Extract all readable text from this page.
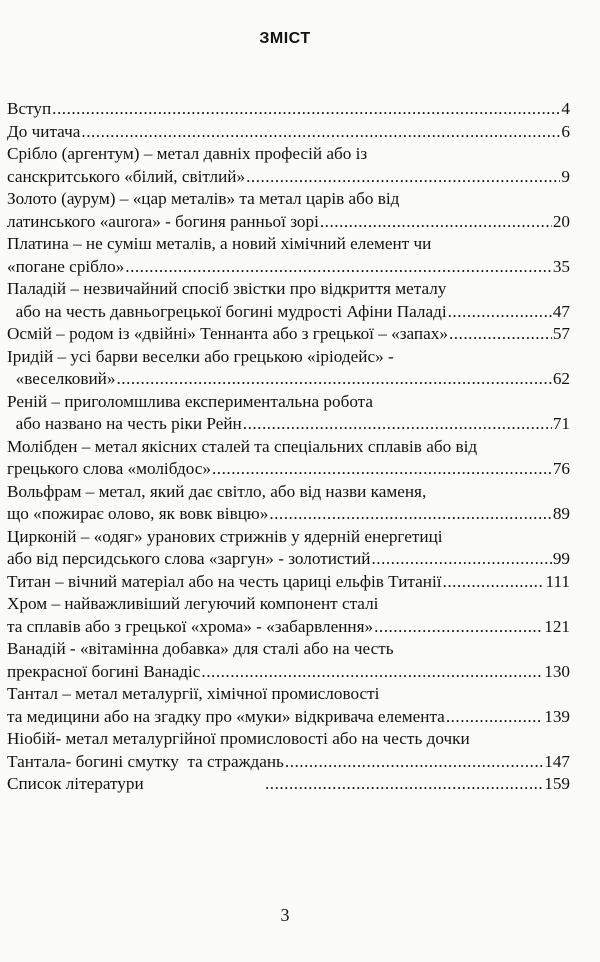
ЗМІСТ
Вступ .....	4
До читача .....	6
Срібло (аргентум) – метал давніх професій або із
санскритського «білий, світлий» .....	9
Золото (аурум) – «цар металів» та метал царів або від
латинського «aurora» - богиня ранньої зорі .....	20
Платина – не суміш металів, а новий хімічний елемент чи
«погане срібло» .....	35
Паладій – незвичайний спосіб звістки про відкриття металу
або на честь давньогрецької богині мудрості Афіни Паладі .....	47
Осмій – родом із «двійні» Теннанта або з грецької – «запах» .....	57
Іридій – усі барви веселки або грецькою «іріодейс» -
«веселковий» .....	62
Реній – приголомшлива експериментальна робота
або названо на честь ріки Рейн .....	71
Молібден – метал якісних сталей та спеціальних сплавів або від
грецького слова «молібдос» .....	76
Вольфрам – метал, який дає світло, або від назви каменя,
що «пожирає олово, як вовк вівцю» .....	89
Цирконій – «одяг» уранових стрижнів у ядерній енергетиці
або від персидського слова «заргун» - золотистий .....	99
Титан – вічний матеріал або на честь цариці ельфів Титанії .....	111
Хром – найважливіший легуючий компонент сталі
та сплавів або з грецької «хрома» - «забарвлення» .....	121
Ванадій - «вітамінна добавка» для сталі або на честь
прекрасної богині Ванадіс .....	130
Тантал – метал металургії, хімічної промисловості
та медицини або на згадку про «муки» відкривача елемента .....	139
Ніобій- метал металургійної промисловості або на честь дочки
Тантала- богині смутку  та страждань .....	147
Список літератури .....	159
3
